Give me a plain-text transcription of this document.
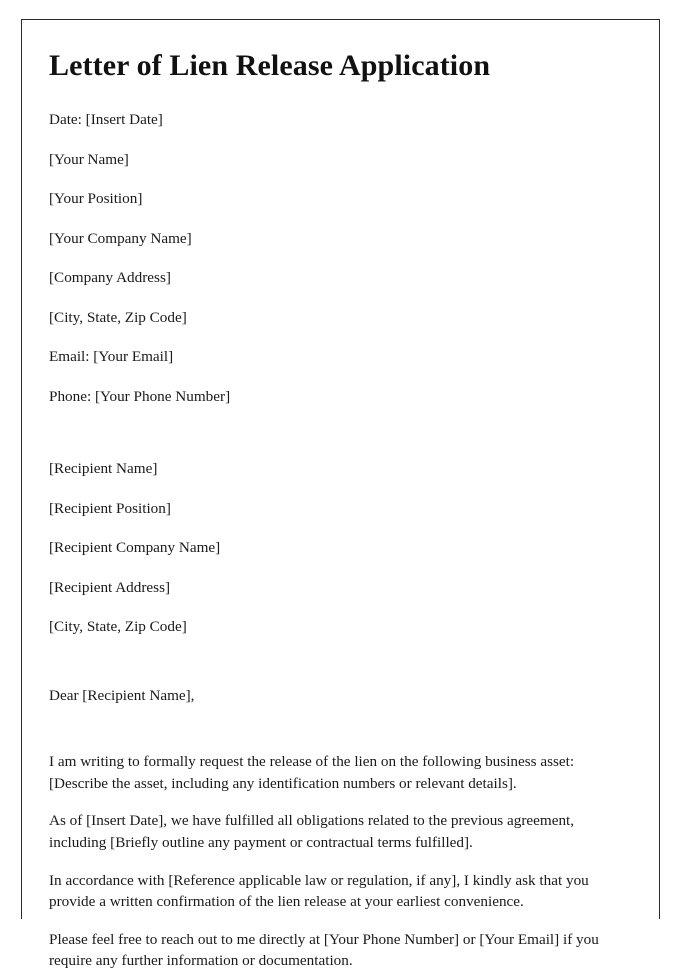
Letter of Lien Release Application

Date: [Insert Date]

[Your Name]

[Your Position]

[Your Company Name]

[Company Address]

[City, State, Zip Code]

Email: [Your Email]

Phone: [Your Phone Number]

[Recipient Name]

[Recipient Position]

[Recipient Company Name]

[Recipient Address]

[City, State, Zip Code]

Dear [Recipient Name],

I am writing to formally request the release of the lien on the following business asset: [Describe the asset, including any identification numbers or relevant details].

As of [Insert Date], we have fulfilled all obligations related to the previous agreement, including [Briefly outline any payment or contractual terms fulfilled].

In accordance with [Reference applicable law or regulation, if any], I kindly ask that you provide a written confirmation of the lien release at your earliest convenience.

Please feel free to reach out to me directly at [Your Phone Number] or [Your Email] if you require any further information or documentation.
